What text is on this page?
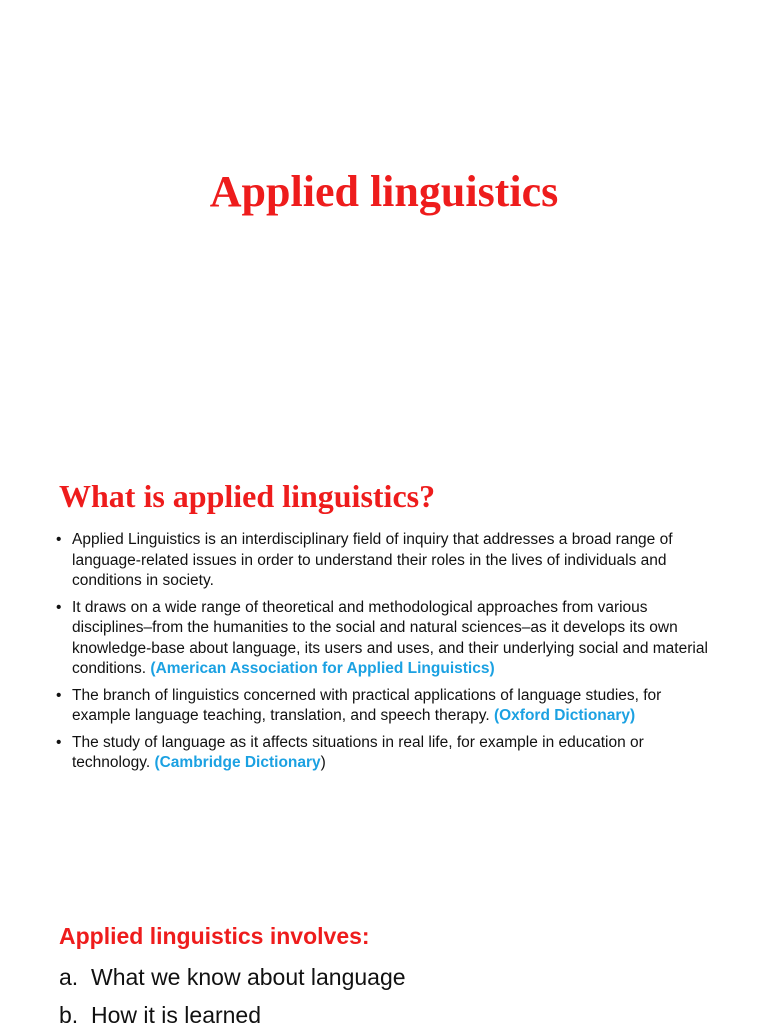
Applied linguistics
What is applied linguistics?
• Applied Linguistics is an interdisciplinary field of inquiry that addresses a broad range of language-related issues in order to understand their roles in the lives of individuals and conditions in society.
• It draws on a wide range of theoretical and methodological approaches from various disciplines–from the humanities to the social and natural sciences–as it develops its own knowledge-base about language, its users and uses, and their underlying social and material conditions. (American Association for Applied Linguistics)
• The branch of linguistics concerned with practical applications of language studies, for example language teaching, translation, and speech therapy. (Oxford Dictionary)
• The study of language as it affects situations in real life, for example in education or technology. (Cambridge Dictionary)
Applied linguistics involves:
a. What we know about language
b. How it is learned
